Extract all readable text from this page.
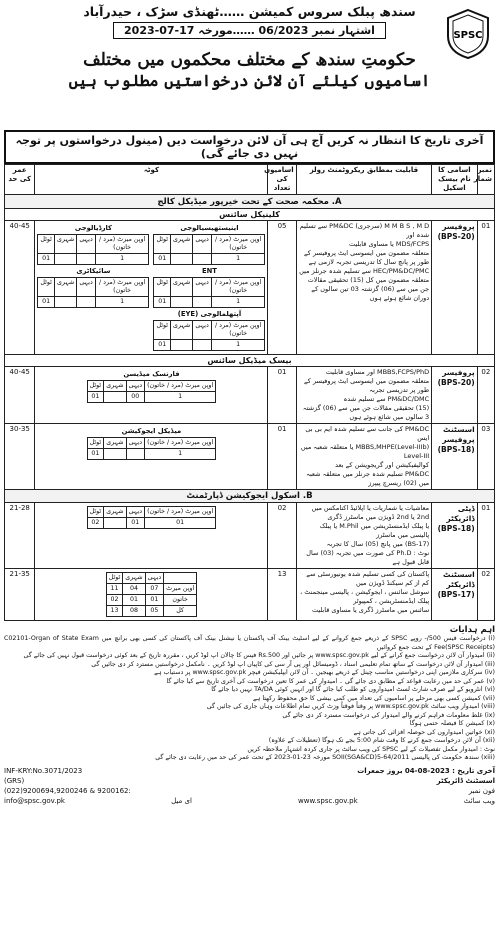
SPSC
سندھ پبلک سروس کمیشن ……ٹھنڈی سڑک ، حیدرآباد
اشتہار نمبر 06/2023 ……مورخہ 17-07-2023
حکومتِ سندھ کے مختلف محکموں میں مختلف
اسامیوں کیلئے آن لائن درخواستیں مطلوب ہیں
آخری تاریخ کا انتظار نہ کریں آج ہی آن لائن درخواست دیں (مینول درخواستوں پر توجہ نہیں دی جائے گی)
نمبر شمار	اسامی کا نام بیسک اسکیل	قابلیت بمطابق ریکروٹمنٹ رولز	اسامیوں کی تعداد	کوٹہ	عمر کی حد
A. محکمہ صحت کے تحت خیرپور میڈیکل کالج
کلینیکل سائنس
01	
پروفیسر
(BPS-20)	
M M B S , M D (سرجری) PM&DC سے تسلیم شدہ اور
MDS/FCPS یا مساوی قابلیت
متعلقہ مضمون میں ایسوسی ایٹ پروفیسر کے طور پر پانچ سال کا تدریسی تجربہ لازمی ہے
HEC/PM&DC/PMC سے تسلیم شدہ جرنلز میں متعلقہ مضمون میں کل (15) تحقیقی مقالات
جن میں سے (06) گزشتہ 03 تین سالوں کے دوران شائع ہوئے ہوں
	05	
اینیستھیسیالوجی
اوپن میرٹ (مرد / خاتون)	دیہی	شہری	ٹوٹل
1			01
ENT
اوپن میرٹ (مرد / خاتون)	دیہی	شہری	ٹوٹل
1			01
آپتھلمالوجی (EYE)
اوپن میرٹ (مرد / خاتون)	دیہی	شہری	ٹوٹل
1			01
کارڈیالوجی
اوپن میرٹ (مرد / خاتون)	دیہی	شہری	ٹوٹل
1			01
سائیکاٹری
اوپن میرٹ (مرد / خاتون)	دیہی	شہری	ٹوٹل
1			01
	40-45
بیسک میڈیکل سائنس
02	
پروفیسر
(BPS-20)	
MBBS,FCPS/PhD اور مساوی قابلیت
متعلقہ مضمون میں ایسوسی ایٹ پروفیسر کے طور پر تدریسی تجربہ
PM&DC/DMC سے تسلیم شدہ
(15) تحقیقی مقالات جن میں سے (06) گزشتہ 3 سالوں میں شائع ہوئے ہوں
	01	
فارنسک میڈیسن
اوپن میرٹ (مرد / خاتون)	دیہی	شہری	ٹوٹل
1	00		01
	40-45
03	
اسسٹنٹ پروفیسر
(BPS-18)	
PM&DC کی جانب سے تسلیم شدہ ایم بی بی ایس
MBBS,MHPE(Level-IIIb) یا متعلقہ شعبہ میں Level-III
کوالیفیکیشن اور گریجویشن کے بعد
PM&DC تسلیم شدہ جرنلز میں متعلقہ شعبہ میں (02) ریسرچ پیپرز
	01	
میڈیکل ایجوکیشن
اوپن میرٹ (مرد / خاتون)	دیہی	شہری	ٹوٹل
1			01
	30-35
B. اسکول ایجوکیشن ڈپارٹمنٹ
01	
ڈپٹی ڈائریکٹر
(BPS-18)	
معاشیات یا شماریات یا اپلائیڈ اکنامکس میں 2nd یا 2nd ڈویژن میں ماسٹرز ڈگری
یا پبلک ایڈمنسٹریشن میں M.Phil یا پبلک پالیسی میں ماسٹرز
(BS-17) میں پانچ (05) سال کا تجربہ
نوٹ : Ph.D کی صورت میں تجربہ (03) سال قابل قبول ہے
	02	
اوپن میرٹ (مرد / خاتون)	دیہی	شہری	ٹوٹل
01	01		02
	21-28
02	
اسسٹنٹ ڈائریکٹر
(BPS-17)	
پاکستان کی کسی تسلیم شدہ یونیورسٹی سے کم از کم سیکنڈ ڈویژن میں
سوشل سائنس ، ایجوکیشن ، پالیسی مینجمنٹ ، پبلک ایڈمنسٹریشن ، کمپیوٹر
سائنس میں ماسٹرز ڈگری یا مساوی قابلیت
	13	
	دیہی	شہری	ٹوٹل
اوپن میرٹ	07	04	11
خاتون	01	01	02
کل	05	08	13
	21-35
اہم ہدایات
(i) درخواست فیس 500/- روپے SPSC کے ذریعے جمع کروانے کے لیے اسٹیٹ بینک آف پاکستان یا نیشنل بینک آف پاکستان کی کسی بھی برانچ میں C02101-Organ of State Exam Fee(SPSC Receipts) کے تحت جمع کروائیں
(ii) امیدوار آن لائن درخواست جمع کرانے کے لیے www.spsc.gov.pk پر جائیں اور Rs.500 فیس کا چالان اپ لوڈ کریں ، مقررہ تاریخ کے بعد کوئی درخواست قبول نہیں کی جائے گی
(iii) امیدوار آن لائن درخواست کے ساتھ تمام تعلیمی اسناد ، ڈومیسائل اور پی آر سی کی کاپیاں اپ لوڈ کریں ۔ نامکمل درخواستیں مسترد کر دی جائیں گی
(iv) سرکاری ملازمین اپنی درخواستیں مناسب چینل کے ذریعے بھیجیں ۔ آن لائن ایپلیکیشن فیچر www.spsc.gov.pk پر دستیاب ہے
(v) عمر کی حد میں رعایت قواعد کے مطابق دی جائے گی ۔ امیدوار کی عمر کا تعین درخواست کی آخری تاریخ سے کیا جائے گا
(vi) انٹرویو کے لیے صرف شارٹ لسٹ امیدواروں کو طلب کیا جائے گا اور انہیں کوئی TA/DA نہیں دیا جائے گا
(vii) کمیشن کسی بھی مرحلے پر اسامیوں کی تعداد میں کمی بیشی کا حق محفوظ رکھتا ہے
(viii) امیدوار ویب سائٹ www.spsc.gov.pk پر وقتاً فوقتاً وزٹ کریں تمام اطلاعات وہاں جاری کی جائیں گی
(ix) غلط معلومات فراہم کرنے والے امیدوار کی درخواست مسترد کر دی جائے گی
(x) کمیشن کا فیصلہ حتمی ہوگا
(xi) خواتین امیدواروں کی حوصلہ افزائی کی جاتی ہے
(xii) آن لائن درخواست جمع کرنے کا وقت شام 5:00 بجے تک ہوگا (تعطیلات کے علاوہ)
نوٹ : امیدوار مکمل تفصیلات کے لیے SPSC کی ویب سائٹ پر جاری کردہ اشتہار ملاحظہ کریں
(xiii) سندھ حکومت کی پالیسی SOII(SGA&CD)5-64/2011 مورخہ 23-01-2023 کے تحت عمر کی حد میں رعایت دی جائے گی
INF-KRY:No.3071/2023	آخری تاریخ : 04-08-2023 بروز جمعرات
(GRS)	اسسٹنٹ ڈائریکٹر
(022)9200694,9200246 & 9200162:	فون نمبر
info@spsc.gov.pk	ای میل	www.spsc.gov.pk	ویب سائٹ
